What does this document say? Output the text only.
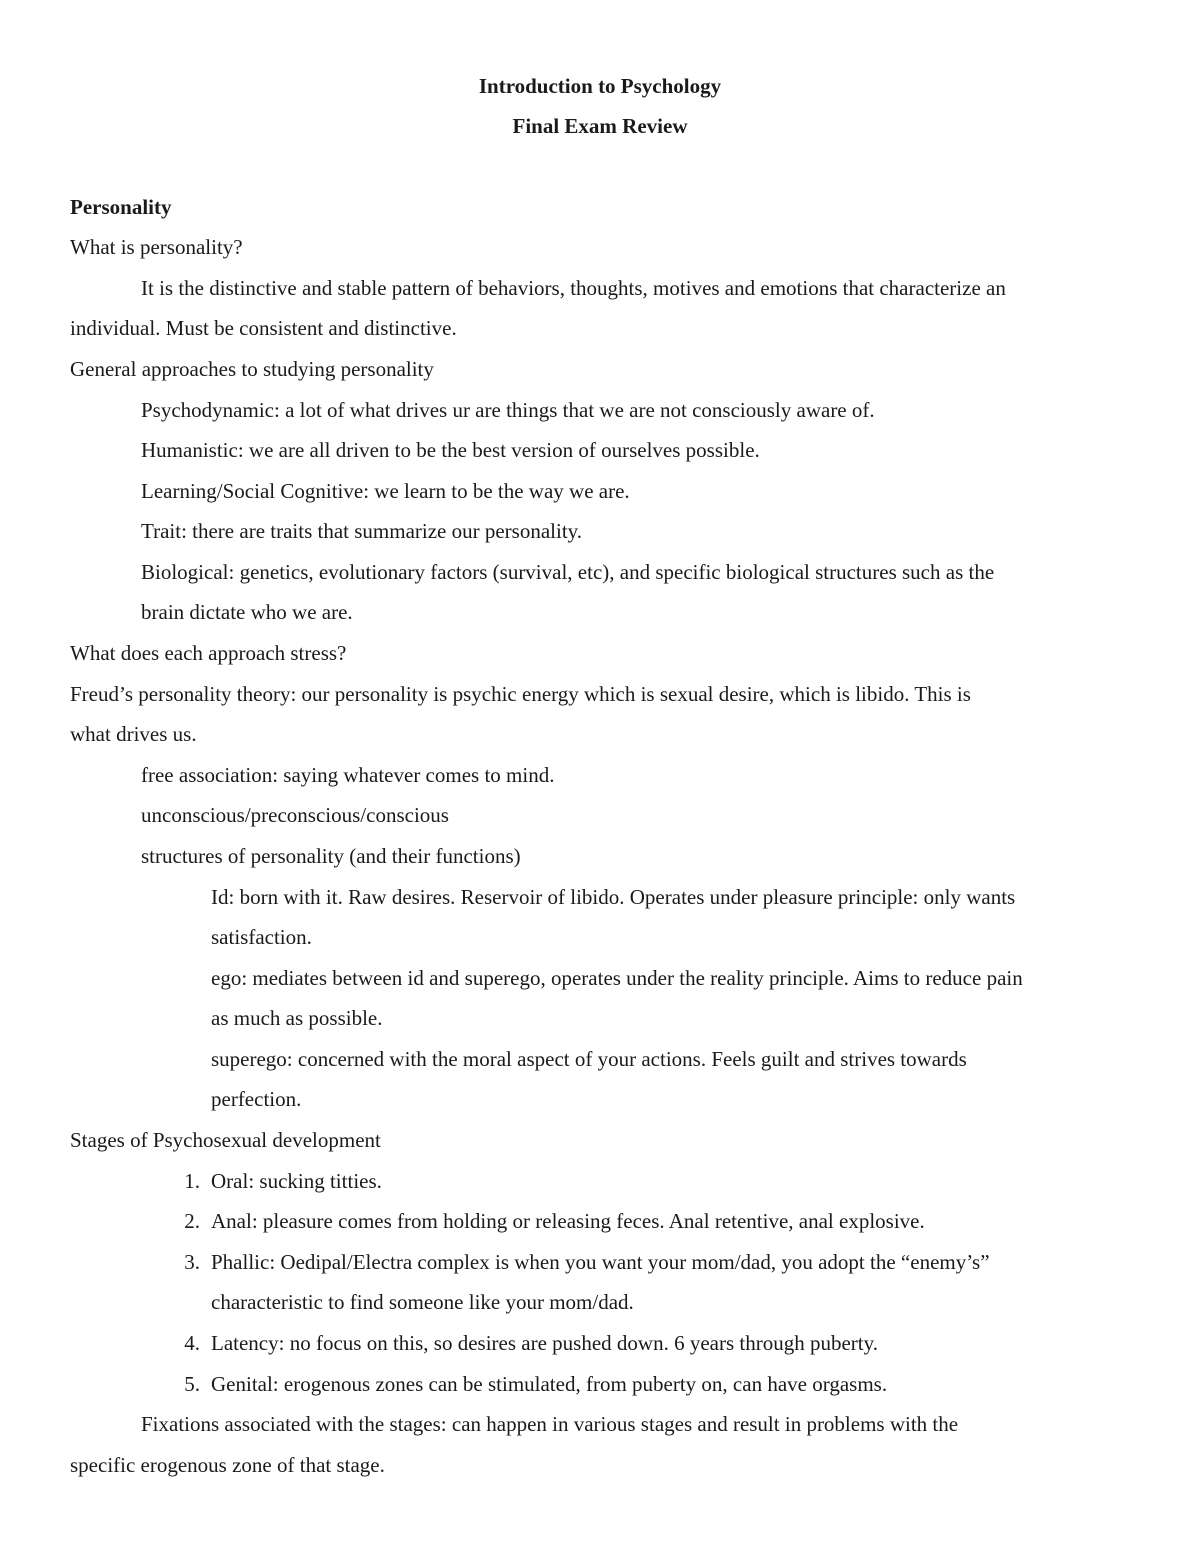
Introduction to Psychology
Final Exam Review
Personality
What is personality?
It is the distinctive and stable pattern of behaviors, thoughts, motives and emotions that characterize an
individual. Must be consistent and distinctive.
General approaches to studying personality
Psychodynamic: a lot of what drives ur are things that we are not consciously aware of.
Humanistic: we are all driven to be the best version of ourselves possible.
Learning/Social Cognitive: we learn to be the way we are.
Trait: there are traits that summarize our personality.
Biological: genetics, evolutionary factors (survival, etc), and specific biological structures such as the
brain dictate who we are.
What does each approach stress?
Freud’s personality theory: our personality is psychic energy which is sexual desire, which is libido. This is
what drives us.
free association: saying whatever comes to mind.
unconscious/preconscious/conscious
structures of personality (and their functions)
Id: born with it. Raw desires. Reservoir of libido. Operates under pleasure principle: only wants
satisfaction.
ego: mediates between id and superego, operates under the reality principle. Aims to reduce pain
as much as possible.
superego: concerned with the moral aspect of your actions. Feels guilt and strives towards
perfection.
Stages of Psychosexual development
1. Oral: sucking titties.
2. Anal: pleasure comes from holding or releasing feces. Anal retentive, anal explosive.
3. Phallic: Oedipal/Electra complex is when you want your mom/dad, you adopt the “enemy’s”
characteristic to find someone like your mom/dad.
4. Latency: no focus on this, so desires are pushed down. 6 years through puberty.
5. Genital: erogenous zones can be stimulated, from puberty on, can have orgasms.
Fixations associated with the stages: can happen in various stages and result in problems with the
specific erogenous zone of that stage.
